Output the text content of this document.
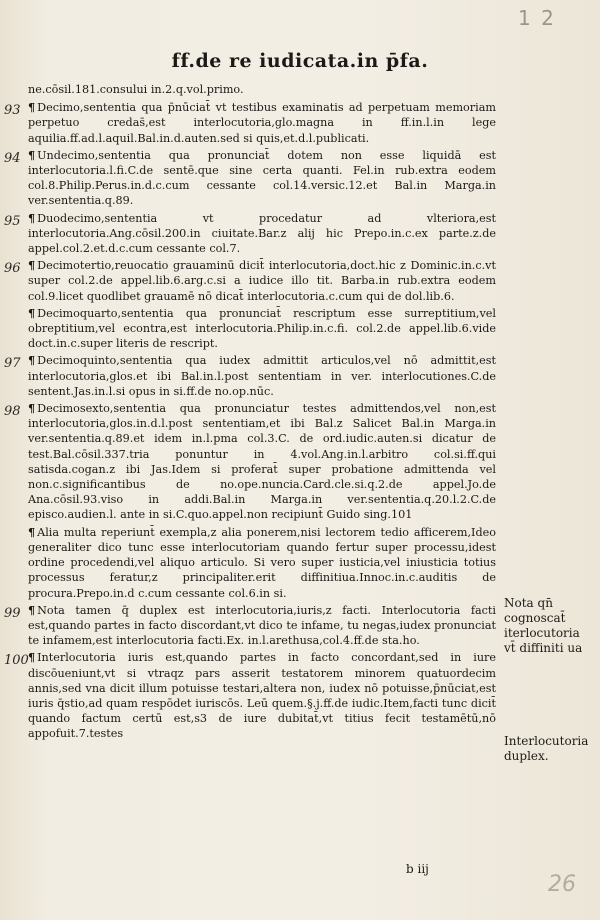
1 2
ff.de re iudicata.in p̄fa.

ne.cōsil.181.consului in.2.q.vol.primo.

93 ¶ Decimo,sententia qua p̄nūciat̄ vt testibus examinatis ad perpetuam memoriam perpetuo credas̄,est interlocutoria,glo.magna in ff.in.l.in lege aquilia.ff.ad.l.aquil.Bal.in.d.auten.sed si quis,et.d.l.publicati.

94 ¶ Undecimo,sententia qua pronunciat̄ dotem non esse liquidā est interlocutoria.l.fi.C.de sentē.que sine certa quanti. Fel.in rub.extra eodem col.8.Philip.Perus.in.d.c.cum cessante col.14.versic.12.et Bal.in Marga.in ver.sententia.q.89.

95 ¶ Duodecimo,sententia vt procedatur ad vlteriora,est interlocutoria.Ang.cōsil.200.in ciuitate.Bar.z alij hic Prepo.in.c.ex parte.z.de appel.col.2.et.d.c.cum cessante col.7.

96 ¶ Decimotertio,reuocatio grauaminū dicit̄ interlocutoria,doct.hic z Dominic.in.c.vt super col.2.de appel.lib.6.arg.c.si a iudice illo tit. Barba.in rub.extra eodem col.9.licet quodlibet grauamē nō dicat̄ interlocutoria.c.cum qui de dol.lib.6.

¶ Decimoquarto,sententia qua pronunciat̄ rescriptum esse surreptitium,vel obreptitium,vel econtra,est interlocutoria.Philip.in.c.fi. col.2.de appel.lib.6.vide doct.in.c.super literis de rescript.

97 ¶ Decimoquinto,sententia qua iudex admittit articulos,vel nō admittit,est interlocutoria,glos.et ibi Bal.in.l.post sententiam in ver. interlocutiones.C.de sentent.Jas.in.l.si opus in si.ff.de no.op.nūc.

98 ¶ Decimosexto,sententia qua pronunciatur testes admittendos,vel non,est interlocutoria,glos.in.d.l.post sententiam,et ibi Bal.z Salicet Bal.in Marga.in ver.sententia.q.89.et idem in.l.pma col.3.C. de ord.iudic.auten.si dicatur de test.Bal.cōsil.337.tria ponuntur in 4.vol.Ang.in.l.arbitro col.si.ff.qui satisda.cogan.z ibi Jas.Idem si proferat̄ super probatione admittenda vel non.c.significantibus de no.ope.nuncia.Card.cle.si.q.2.de appel.Jo.de Ana.cōsil.93.viso in addi.Bal.in Marga.in ver.sententia.q.20.l.2.C.de episco.audien.l. ante in si.C.quo.appel.non recipiunt̄ Guido sing.101

¶ Alia multa reperiunt̄ exempla,z alia ponerem,nisi lectorem tedio afficerem,Ideo generaliter dico tunc esse interlocutoriam quando fertur super processu,idest ordine procedendi,vel aliquo articulo. Si vero super iusticia,vel iniusticia totius processus feratur,z principaliter.erit diffinitiua.Innoc.in.c.auditis de procura.Prepo.in.d c.cum cessante col.6.in si.

99 ¶ Nota tamen q̄ duplex est interlocutoria,iuris,z facti. Interlocutoria facti est,quando partes in facto discordant,vt dico te infame, tu negas,iudex pronunciat te infamem,est interlocutoria facti.Ex. in.l.arethusa,col.4.ff.de sta.ho.

100 ¶ Interlocutoria iuris est,quando partes in facto concordant,sed in iure discōueniunt,vt si vtraqz pars asserit testatorem minorem quatuordecim annis,sed vna dicit illum potuisse testari,altera non, iudex nō potuisse,p̄nūciat,est iuris q̄stio,ad quam respōdet iuriscōs. Leū quem.§.j.ff.de iudic.Item,facti tunc dicit̄ quando factum certū est,s3 de iure dubitat̄,vt titius fecit testamētū,nō appofuit.7.testes

Nota qn̄ cognoscat̄ iterlocutoria vt̄ diffiniti ua

Interlocutoria duplex.

b iij
26
